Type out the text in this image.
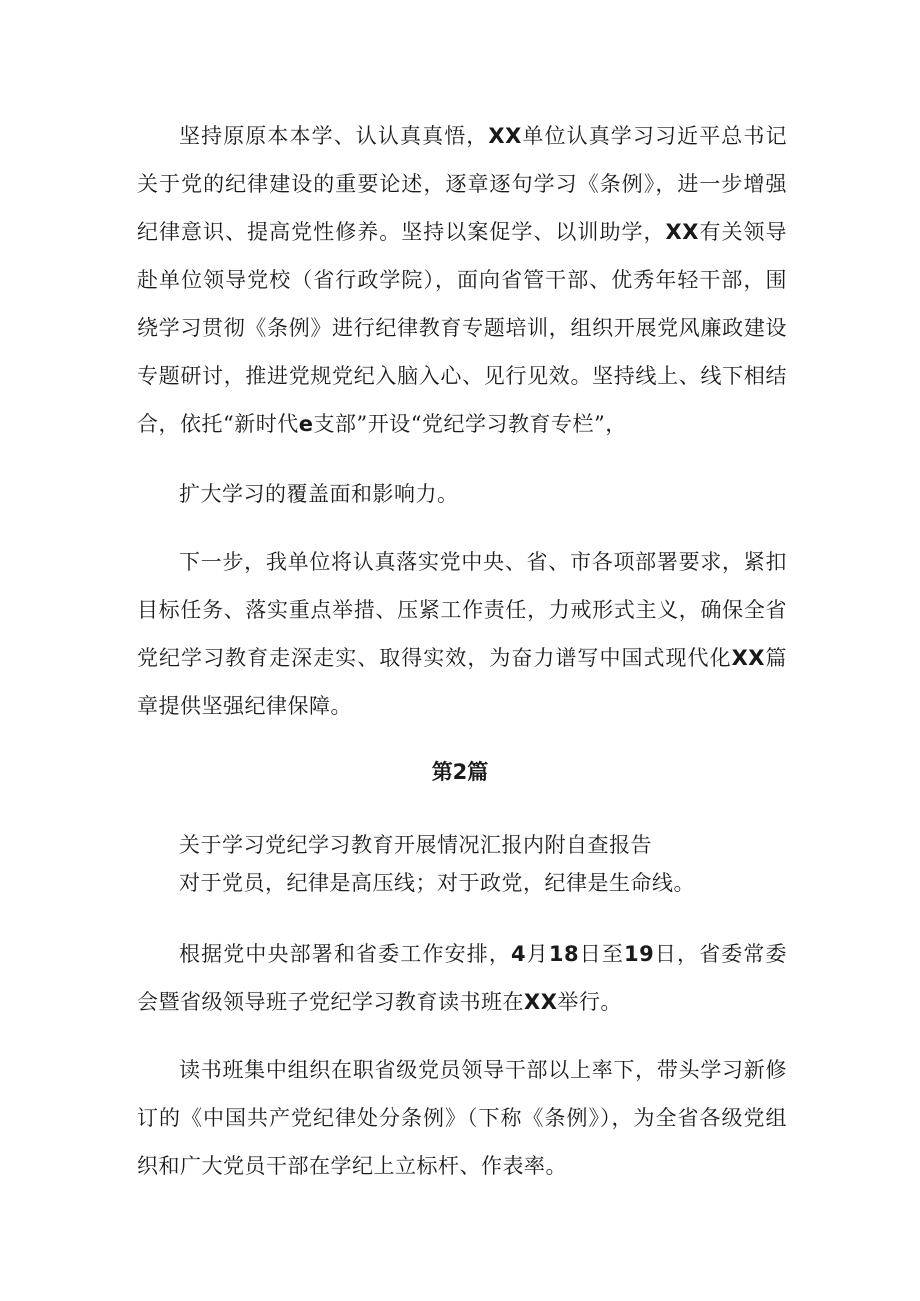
坚持原原本本学、认认真真悟，XX单位认真学习习近平总书记关于党的纪律建设的重要论述，逐章逐句学习《条例》，进一步增强纪律意识、提高党性修养。坚持以案促学、以训助学，XX有关领导赴单位领导党校（省行政学院），面向省管干部、优秀年轻干部，围绕学习贯彻《条例》进行纪律教育专题培训，组织开展党风廉政建设专题研讨，推进党规党纪入脑入心、见行见效。坚持线上、线下相结合，依托“新时代e支部”开设“党纪学习教育专栏”，

扩大学习的覆盖面和影响力。

下一步，我单位将认真落实党中央、省、市各项部署要求，紧扣目标任务、落实重点举措、压紧工作责任，力戒形式主义，确保全省党纪学习教育走深走实、取得实效，为奋力谱写中国式现代化XX篇章提供坚强纪律保障。

第2篇

关于学习党纪学习教育开展情况汇报内附自查报告

对于党员，纪律是高压线；对于政党，纪律是生命线。

根据党中央部署和省委工作安排，4月18日至19日，省委常委会暨省级领导班子党纪学习教育读书班在XX举行。

读书班集中组织在职省级党员领导干部以上率下，带头学习新修订的《中国共产党纪律处分条例》（下称《条例》），为全省各级党组织和广大党员干部在学纪上立标杆、作表率。
